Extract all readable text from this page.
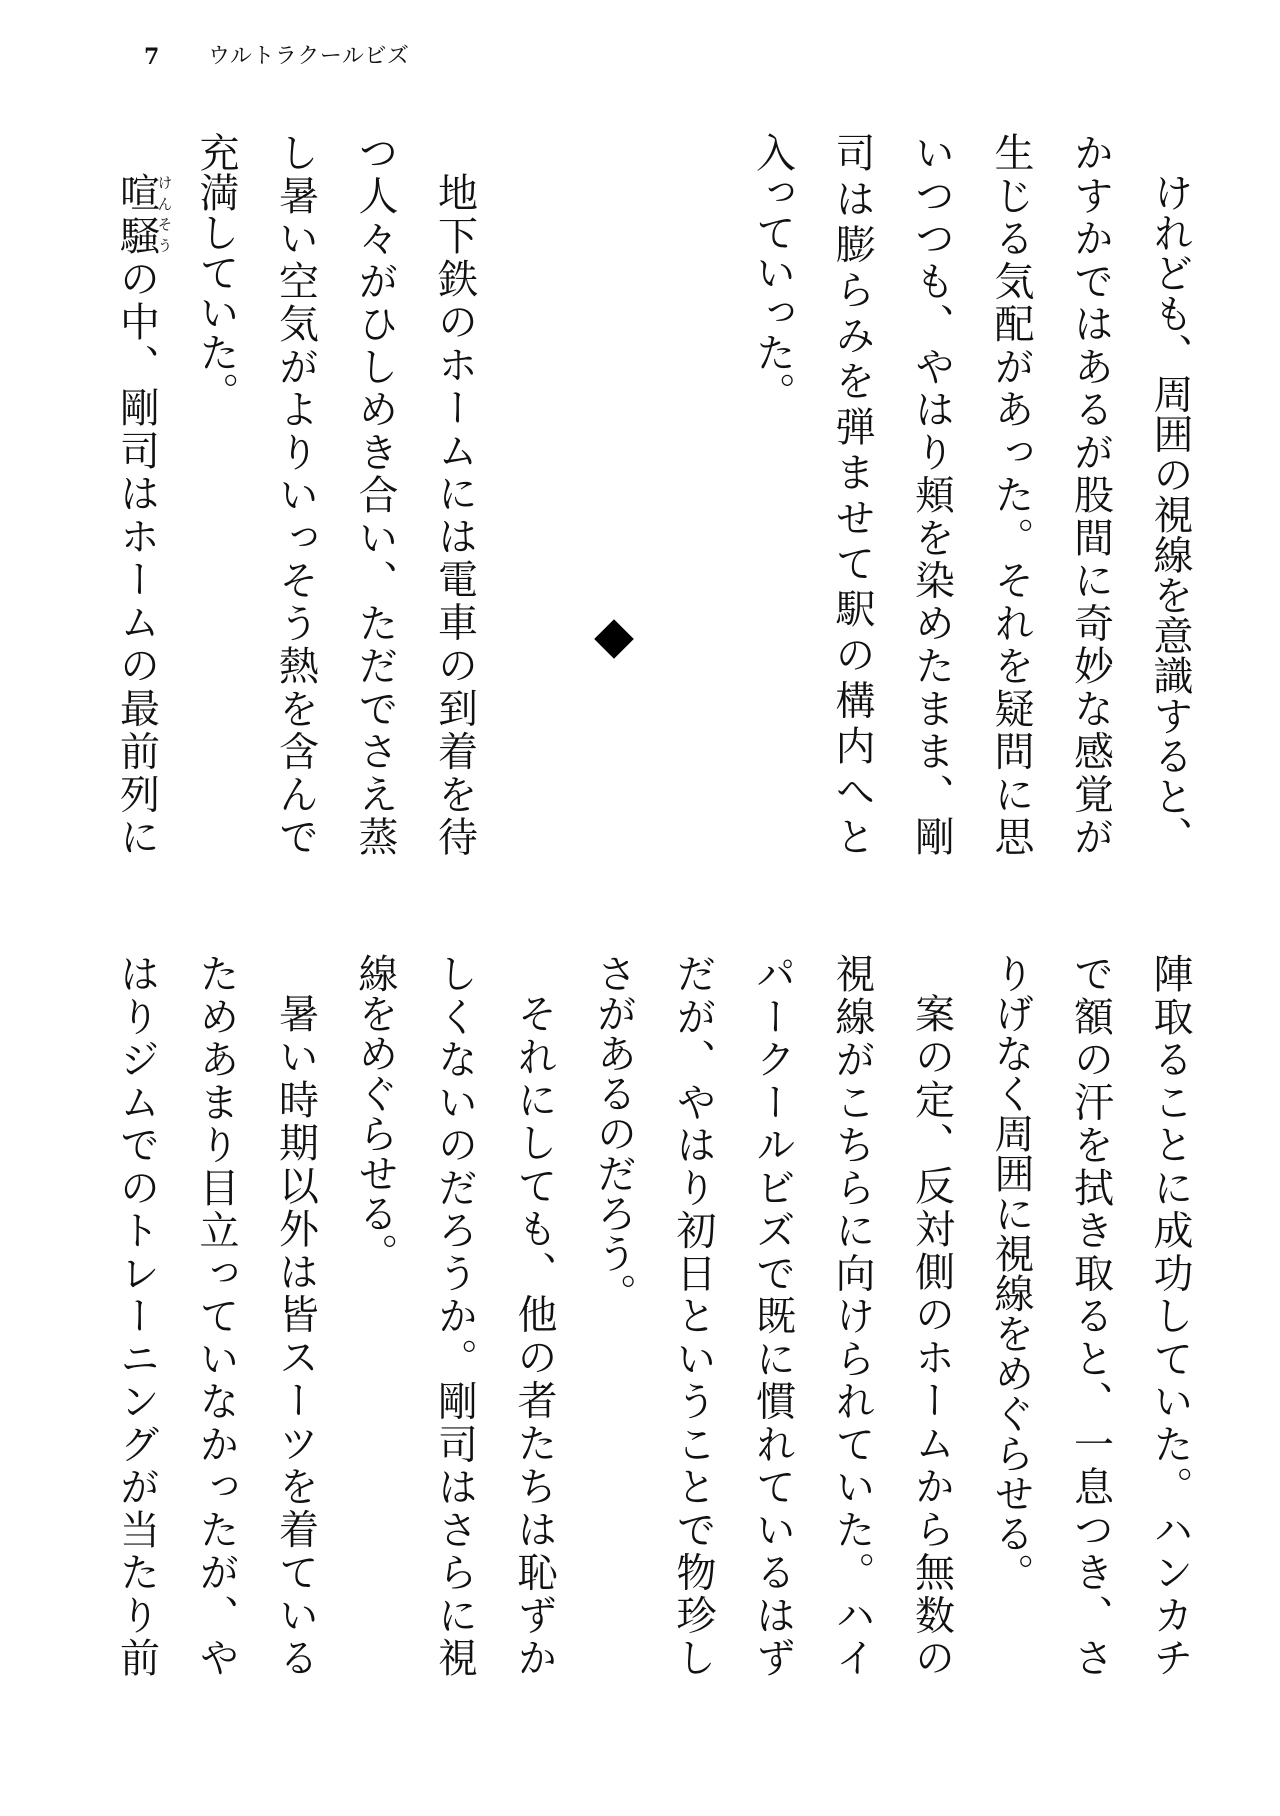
7 ウルトラクールビズ
けれども、周囲の視線を意識すると、
かすかではあるが股間に奇妙な感覚が
生じる気配があった。それを疑問に思
いつつも、やはり頬を染めたまま、剛
司は膨らみを弾ませて駅の構内へと
入っていった。
地下鉄のホームには電車の到着を待
つ人々がひしめき合い、ただでさえ蒸
し暑い空気がよりいっそう熱を含んで
充満していた。
喧騒けんそうの中、剛司はホームの最前列に
陣取ることに成功していた。ハンカチ
で額の汗を拭き取ると、一息つき、さ
りげなく周囲に視線をめぐらせる。
案の定、反対側のホームから無数の
視線がこちらに向けられていた。ハイ
パークールビズで既に慣れているはず
だが、やはり初日ということで物珍し
さがあるのだろう。
それにしても、他の者たちは恥ずか
しくないのだろうか。剛司はさらに視
線をめぐらせる。
暑い時期以外は皆スーツを着ている
ためあまり目立っていなかったが、や
はりジムでのトレーニングが当たり前
